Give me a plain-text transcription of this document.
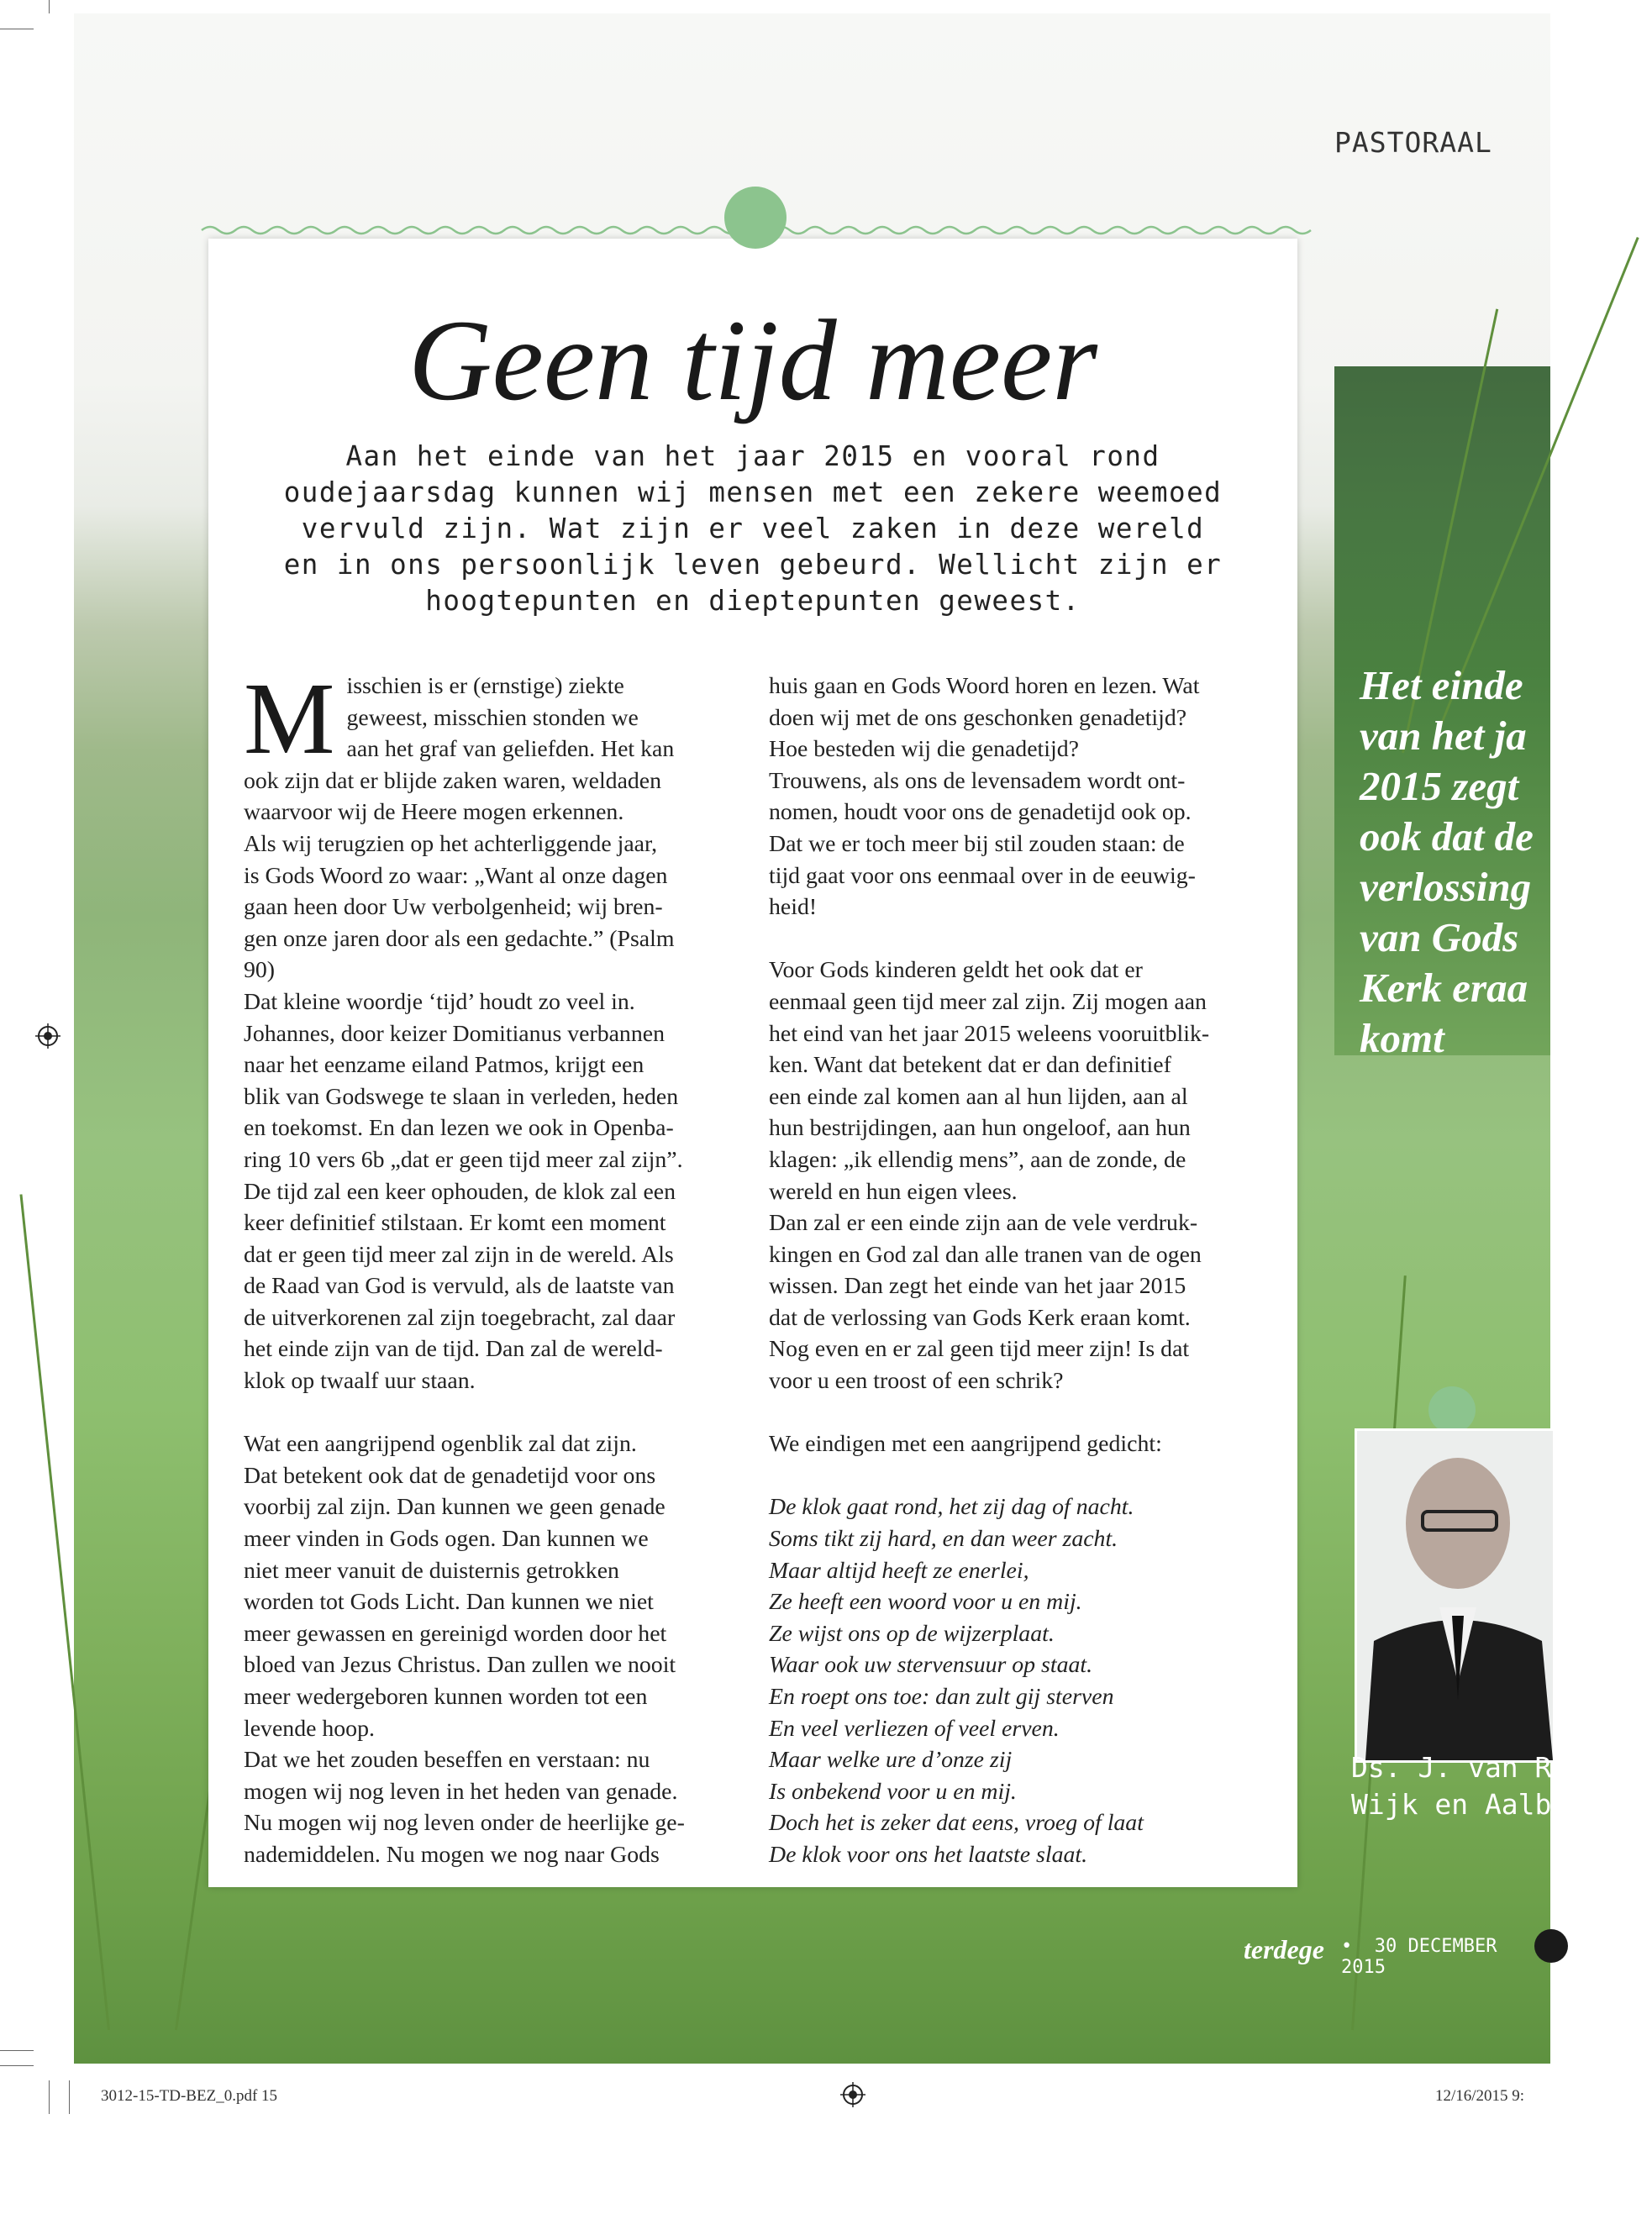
PASTORAAL
Geen tijd meer

Aan het einde van het jaar 2015 en vooral rond

oudejaarsdag kunnen wij mensen met een zekere weemoed

vervuld zijn. Wat zijn er veel zaken in deze wereld

en in ons persoonlijk leven gebeurd. Wellicht zijn er

hoogtepunten en dieptepunten geweest.

M isschien is er (ernstige) ziekte

geweest, misschien stonden we

aan het graf van geliefden. Het kan

ook zijn dat er blijde zaken waren, weldaden

waarvoor wij de Heere mogen erkennen.

Als wij terugzien op het achterliggende jaar,

is Gods Woord zo waar: „Want al onze dagen

gaan heen door Uw verbolgenheid; wij bren-

gen onze jaren door als een gedachte.” (Psalm

90)

Dat kleine woordje ‘tijd’ houdt zo veel in.

Johannes, door keizer Domitianus verbannen

naar het eenzame eiland Patmos, krijgt een

blik van Godswege te slaan in verleden, heden

en toekomst. En dan lezen we ook in Openba-

ring 10 vers 6b „dat er geen tijd meer zal zijn”.

De tijd zal een keer ophouden, de klok zal een

keer definitief stilstaan. Er komt een moment

dat er geen tijd meer zal zijn in de wereld. Als

de Raad van God is vervuld, als de laatste van

de uitverkorenen zal zijn toegebracht, zal daar

het einde zijn van de tijd. Dan zal de wereld-

klok op twaalf uur staan.

Wat een aangrijpend ogenblik zal dat zijn.

Dat betekent ook dat de genadetijd voor ons

voorbij zal zijn. Dan kunnen we geen genade

meer vinden in Gods ogen. Dan kunnen we

niet meer vanuit de duisternis getrokken

worden tot Gods Licht. Dan kunnen we niet

meer gewassen en gereinigd worden door het

bloed van Jezus Christus. Dan zullen we nooit

meer wedergeboren kunnen worden tot een

levende hoop.

Dat we het zouden beseffen en verstaan: nu

mogen wij nog leven in het heden van genade.

Nu mogen wij nog leven onder de heerlijke ge-

nademiddelen. Nu mogen we nog naar Gods

huis gaan en Gods Woord horen en lezen. Wat

doen wij met de ons geschonken genadetijd?

Hoe besteden wij die genadetijd?

Trouwens, als ons de levensadem wordt ont-

nomen, houdt voor ons de genadetijd ook op.

Dat we er toch meer bij stil zouden staan: de

tijd gaat voor ons eenmaal over in de eeuwig-

heid!

Voor Gods kinderen geldt het ook dat er

eenmaal geen tijd meer zal zijn. Zij mogen aan

het eind van het jaar 2015 weleens vooruitblik-

ken. Want dat betekent dat er dan definitief

een einde zal komen aan al hun lijden, aan al

hun bestrijdingen, aan hun ongeloof, aan hun

klagen: „ik ellendig mens”, aan de zonde, de

wereld en hun eigen vlees.

Dan zal er een einde zijn aan de vele verdruk-

kingen en God zal dan alle tranen van de ogen

wissen. Dan zegt het einde van het jaar 2015

dat de verlossing van Gods Kerk eraan komt.

Nog even en er zal geen tijd meer zijn! Is dat

voor u een troost of een schrik?

We eindigen met een aangrijpend gedicht:

De klok gaat rond, het zij dag of nacht.

Soms tikt zij hard, en dan weer zacht.

Maar altijd heeft ze enerlei,

Ze heeft een woord voor u en mij.

Ze wijst ons op de wijzerplaat.

Waar ook uw stervensuur op staat.

En roept ons toe: dan zult gij sterven

En veel verliezen of veel erven.

Maar welke ure d’onze zij

Is onbekend voor u en mij.

Doch het is zeker dat eens, vroeg of laat

De klok voor ons het laatste slaat.

Het einde

van het ja

2015 zegt

ook dat de

verlossing

van Gods

Kerk eraa

komt

Ds. J. van Rijswij
Wijk en Aalburg
terdege • 30 DECEMBER 2015
3012-15-TD-BEZ_0.pdf 15	12/16/2015 9:
